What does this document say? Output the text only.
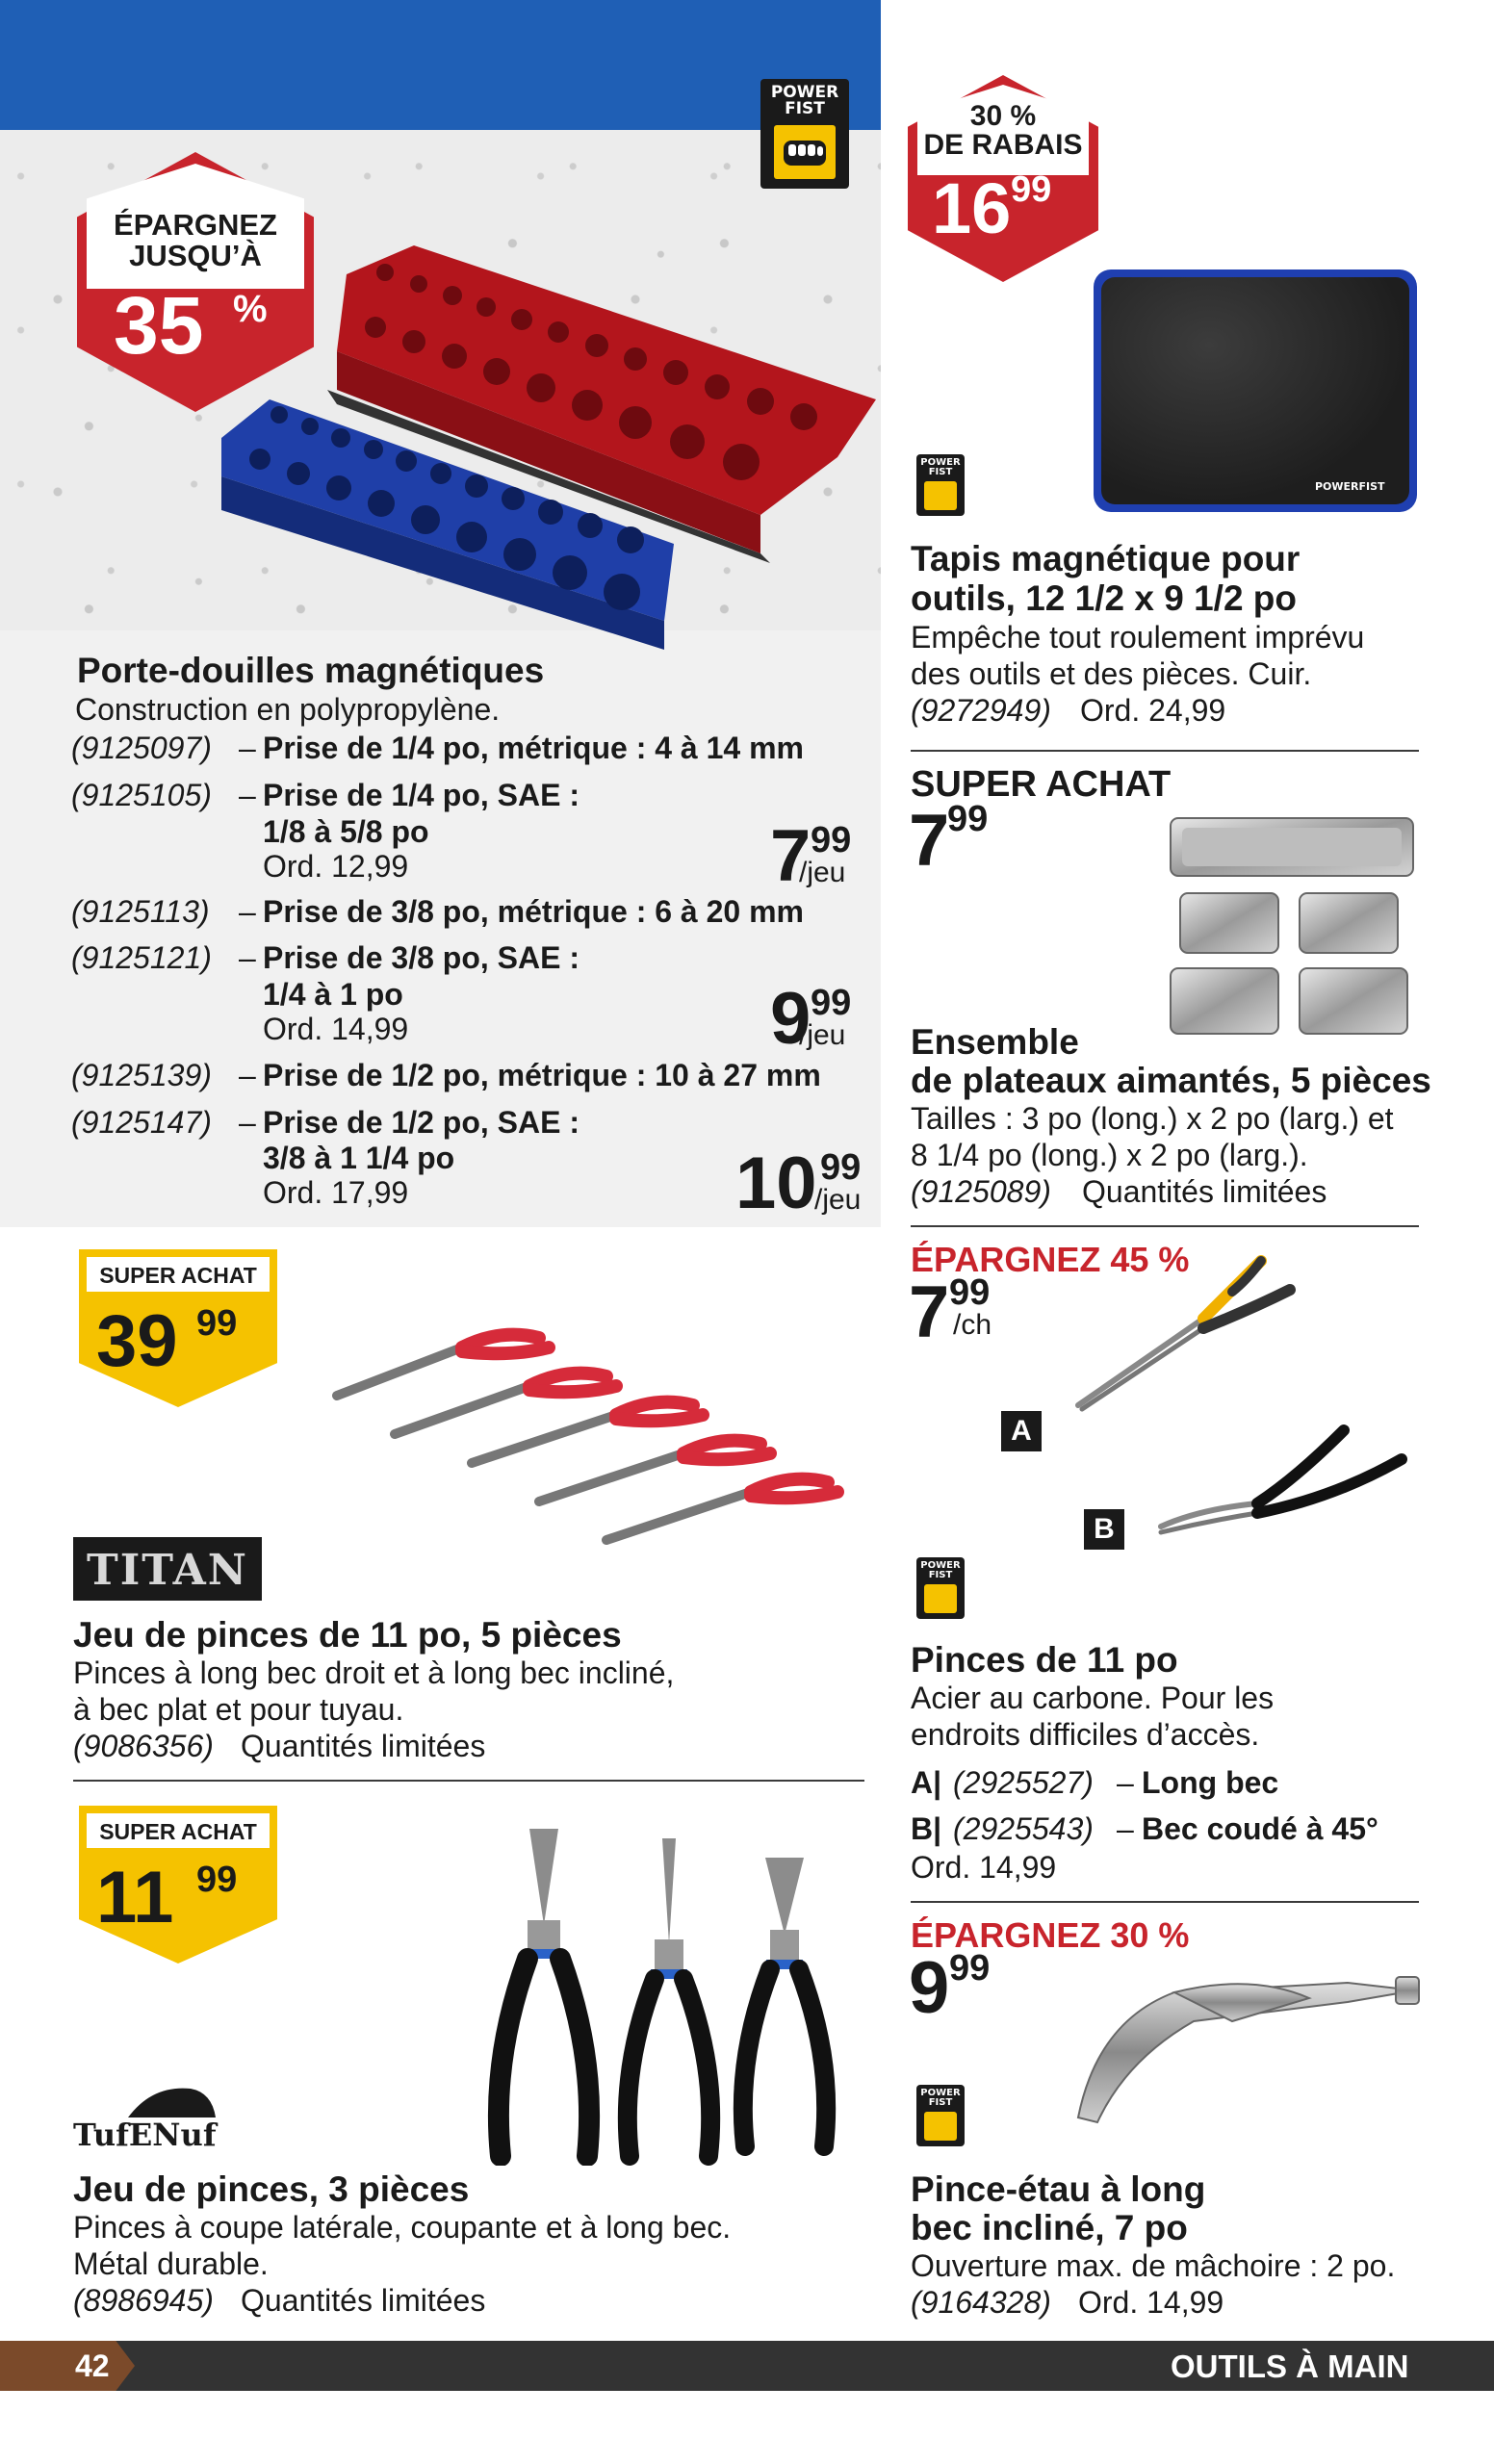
POWER
FIST
ÉPARGNEZ
JUSQU’À
35 %
Porte-douilles magnétiques
Construction en polypropylène.
(9125097) – Prise de 1/4 po, métrique : 4 à 14 mm
(9125105) – Prise de 1/4 po, SAE :
1/8 à 5/8 po
Ord. 12,99
(9125113) – Prise de 3/8 po, métrique : 6 à 20 mm
(9125121) – Prise de 3/8 po, SAE :
1/4 à 1 po
Ord. 14,99
(9125139) – Prise de 1/2 po, métrique : 10 à 27 mm
(9125147) – Prise de 1/2 po, SAE :
3/8 à 1 1/4 po
Ord. 17,99
7 99
/jeu
9 99
/jeu
10 99
/jeu
30 %
DE RABAIS
16 99
POWERFIST
POWER
FIST
Tapis magnétique pour
outils, 12 1/2 x 9 1/2 po
Empêche tout roulement imprévu
des outils et des pièces. Cuir.
(9272949) Ord. 24,99
SUPER ACHAT
7
99
Ensemble
de plateaux aimantés, 5 pièces
Tailles : 3 po (long.) x 2 po (larg.) et
8 1/4 po (long.) x 2 po (larg.).
(9125089) Quantités limitées
SUPER ACHAT
39 99
TITAN
Jeu de pinces de 11 po, 5 pièces
Pinces à long bec droit et à long bec incliné,
à bec plat et pour tuyau.
(9086356) Quantités limitées
SUPER ACHAT
11 99
TufENuf
Jeu de pinces, 3 pièces
Pinces à coupe latérale, coupante et à long bec.
Métal durable.
(8986945) Quantités limitées
ÉPARGNEZ 45 %
7 99
/ch
A
B
POWER
FIST
Pinces de 11 po
Acier au carbone. Pour les
endroits difficiles d’accès.
A| (2925527) – Long bec
B| (2925543) – Bec coudé à 45°
Ord. 14,99
ÉPARGNEZ 30 %
9 99
POWER
FIST
Pince-étau à long
bec incliné, 7 po
Ouverture max. de mâchoire : 2 po.
(9164328) Ord. 14,99
42	OUTILS À MAIN
